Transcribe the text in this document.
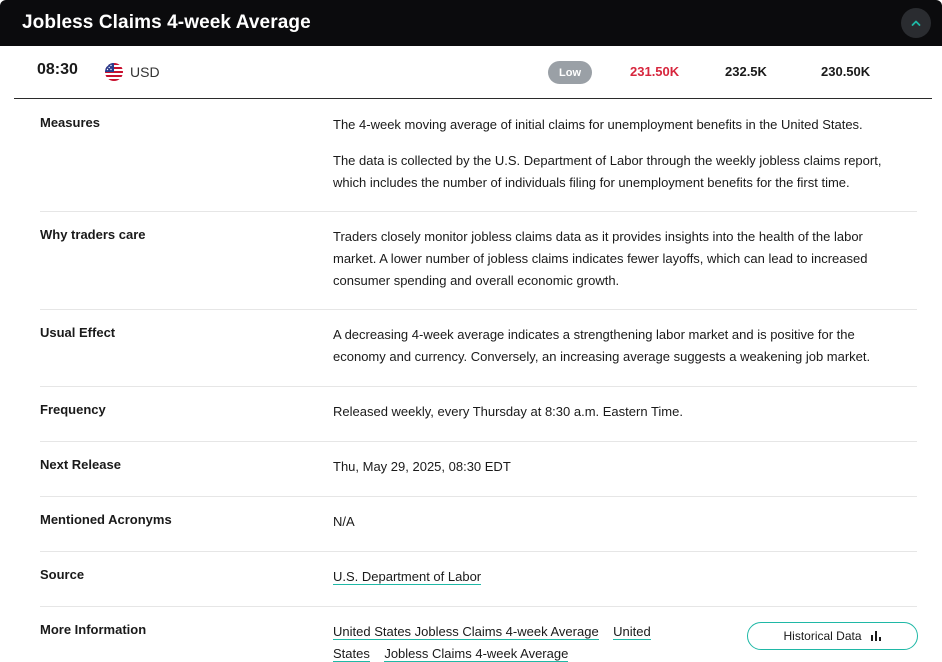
Jobless Claims 4-week Average
08:30	USD	Low	231.50K	232.5K	230.50K
Measures	The 4-week moving average of initial claims for unemployment benefits in the United States.

The data is collected by the U.S. Department of Labor through the weekly jobless claims report, which includes the number of individuals filing for unemployment benefits for the first time.

Why traders care	Traders closely monitor jobless claims data as it provides insights into the health of the labor market. A lower number of jobless claims indicates fewer layoffs, which can lead to increased consumer spending and overall economic growth.

Usual Effect	A decreasing 4-week average indicates a strengthening labor market and is positive for the economy and currency. Conversely, an increasing average suggests a weakening job market.

Frequency	Released weekly, every Thursday at 8:30 a.m. Eastern Time.

Next Release	Thu, May 29, 2025, 08:30 EDT

Mentioned Acronyms	N/A

Source	U.S. Department of Labor
More Information	United States Jobless Claims 4-week Average United States Jobless Claims 4-week Average
Historical Data
